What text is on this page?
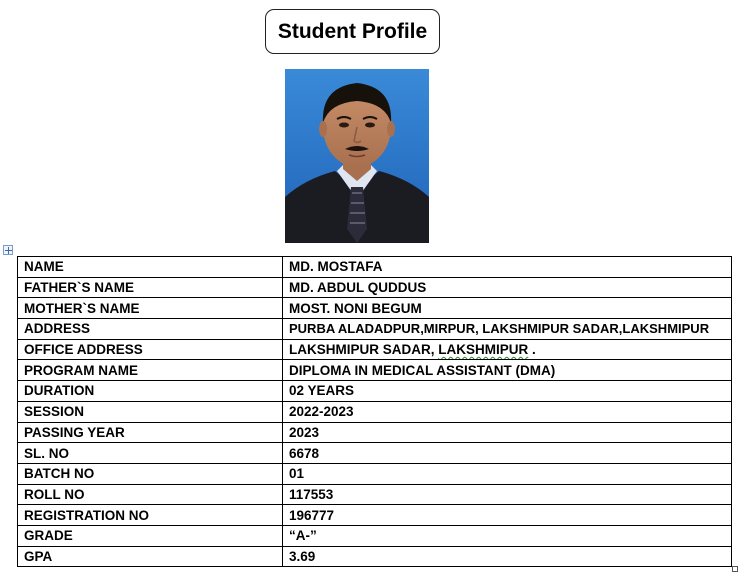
Student Profile
NAME	MD. MOSTAFA
FATHER`S NAME	MD. ABDUL QUDDUS
MOTHER`S NAME	MOST. NONI BEGUM
ADDRESS	PURBA ALADADPUR,MIRPUR, LAKSHMIPUR SADAR,LAKSHMIPUR
OFFICE ADDRESS	LAKSHMIPUR SADAR, LAKSHMIPUR .
PROGRAM NAME	DIPLOMA IN MEDICAL ASSISTANT (DMA)
DURATION	02 YEARS
SESSION	2022-2023
PASSING YEAR	2023
SL. NO	6678
BATCH NO	01
ROLL NO	117553
REGISTRATION NO	196777
GRADE	“A-”
GPA	3.69
